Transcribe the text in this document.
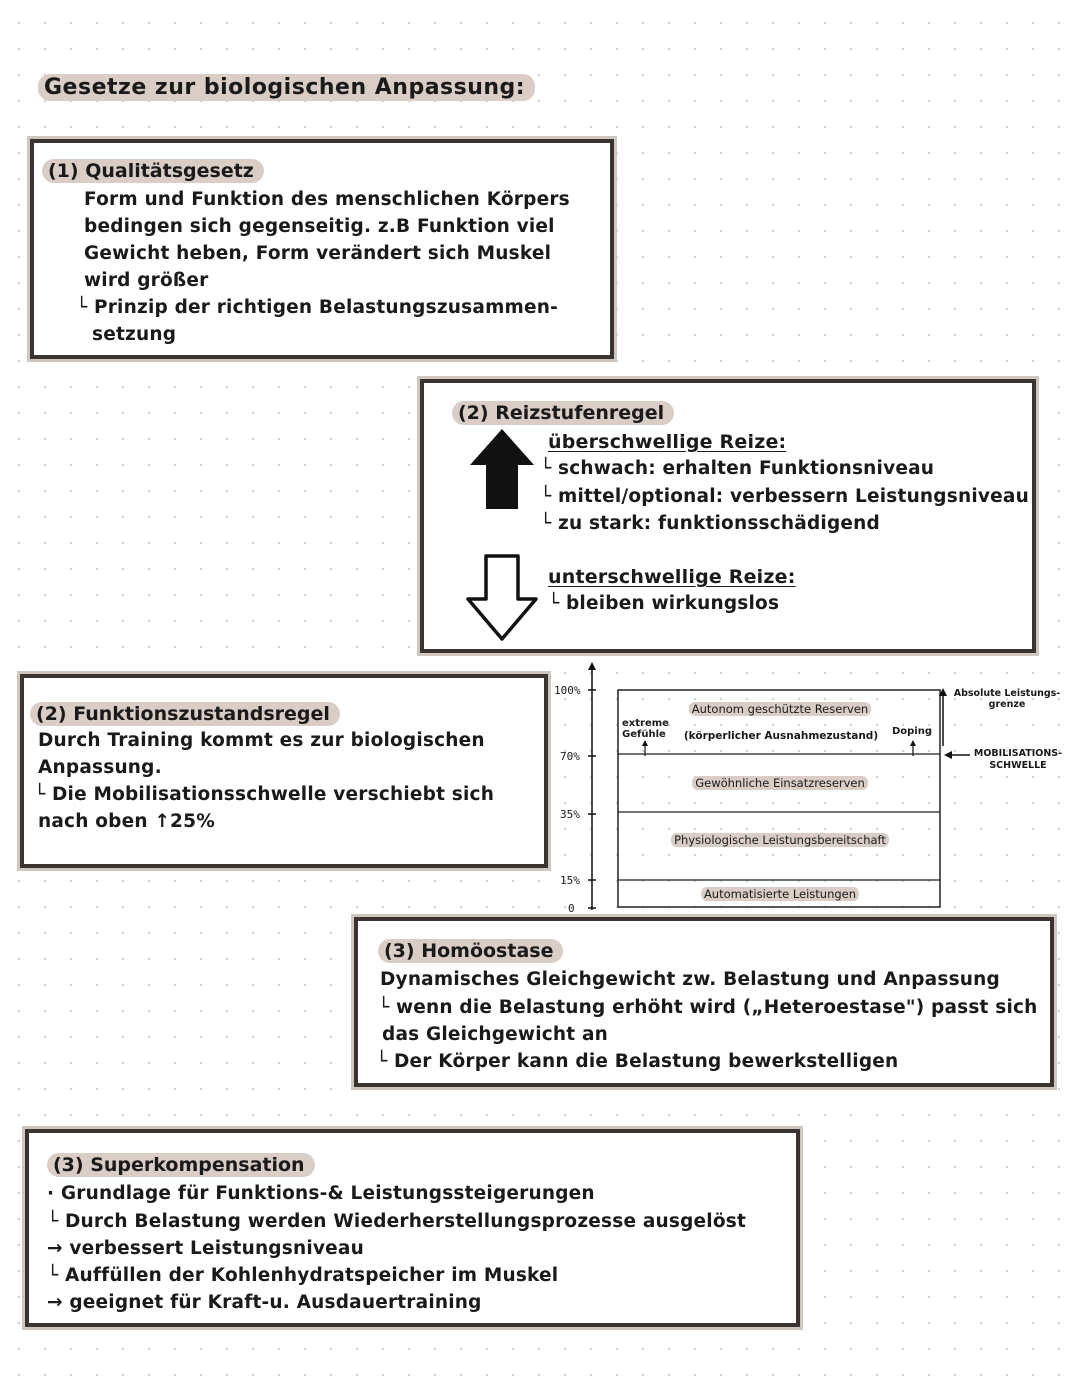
Gesetze zur biologischen Anpassung:
(1) Qualitätsgesetz
Form und Funktion des menschlichen Körpers
bedingen sich gegenseitig. z.B Funktion viel
Gewicht heben, Form verändert sich Muskel
wird größer
└ Prinzip der richtigen Belastungszusammen-
setzung
(2) Reizstufenregel
überschwellige Reize:
└ schwach: erhalten Funktionsniveau
└ mittel/optional: verbessern Leistungsniveau
└ zu stark: funktionsschädigend
unterschwellige Reize:
└ bleiben wirkungslos
(2) Funktionszustandsregel
Durch Training kommt es zur biologischen
Anpassung.
└ Die Mobilisationsschwelle verschiebt sich
nach oben ↑25%
100%
70%
35%
15%
0
Autonom geschützte Reserven
(körperlicher Ausnahmezustand)
extreme Gefühle	Doping
Gewöhnliche Einsatzreserven
Physiologische Leistungsbereitschaft
Automatisierte Leistungen
Absolute Leistungs- grenze
MOBILISATIONS- SCHWELLE
(3) Homöostase
Dynamisches Gleichgewicht zw. Belastung und Anpassung
└ wenn die Belastung erhöht wird („Heteroestase") passt sich
das Gleichgewicht an
└ Der Körper kann die Belastung bewerkstelligen
(3) Superkompensation
· Grundlage für Funktions-& Leistungssteigerungen
└ Durch Belastung werden Wiederherstellungsprozesse ausgelöst
→ verbessert Leistungsniveau
└ Auffüllen der Kohlenhydratspeicher im Muskel
→ geeignet für Kraft-u. Ausdauertraining
